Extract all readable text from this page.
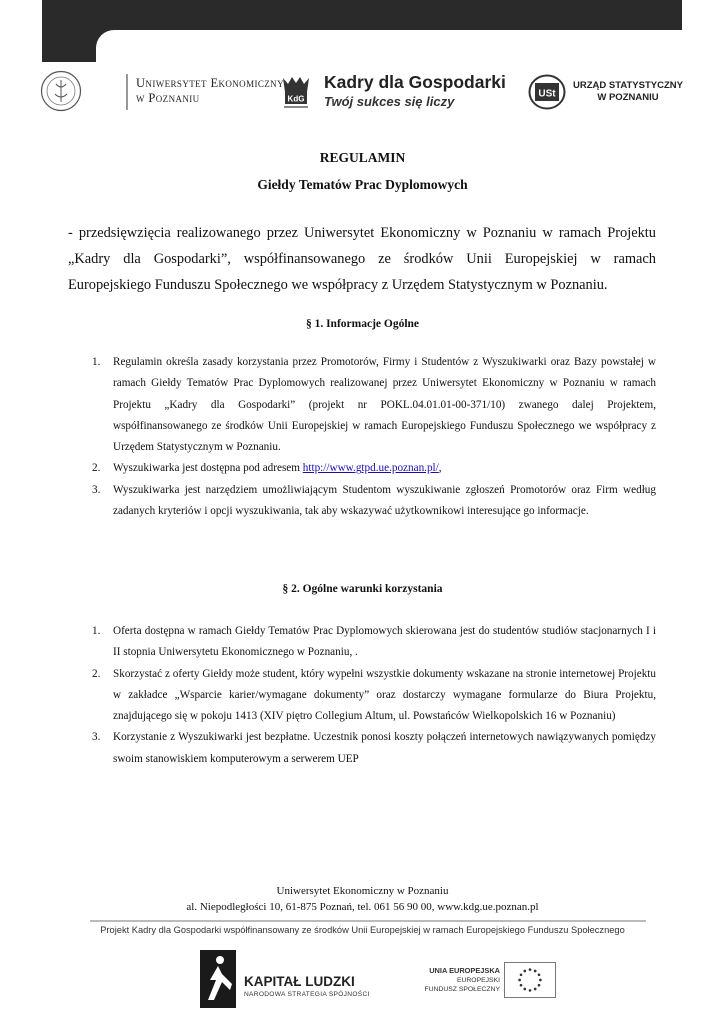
Uniwersytet Ekonomiczny
w Poznaniu	KdG
Kadry dla Gospodarki
Twój sukces się liczy	USt
URZĄD STATYSTYCZNY
W POZNANIU
REGULAMIN
Giełdy Tematów Prac Dyplomowych
- przedsięwzięcia realizowanego przez Uniwersytet Ekonomiczny w Poznaniu w ramach Projektu „Kadry dla Gospodarki”, współfinansowanego ze środków Unii Europejskiej w ramach Europejskiego Funduszu Społecznego we współpracy z Urzędem Statystycznym w Poznaniu.
§ 1. Informacje Ogólne
1. Regulamin określa zasady korzystania przez Promotorów, Firmy i Studentów z Wyszukiwarki oraz Bazy powstałej w ramach Giełdy Tematów Prac Dyplomowych realizowanej przez Uniwersytet Ekonomiczny w Poznaniu w ramach Projektu „Kadry dla Gospodarki” (projekt nr POKL.04.01.01-00-371/10) zwanego dalej Projektem, współfinansowanego ze środków Unii Europejskiej w ramach Europejskiego Funduszu Społecznego we współpracy z Urzędem Statystycznym w Poznaniu.
2. Wyszukiwarka jest dostępna pod adresem http://www.gtpd.ue.poznan.pl/,
3. Wyszukiwarka jest narzędziem umożliwiającym Studentom wyszukiwanie zgłoszeń Promotorów oraz Firm według zadanych kryteriów i opcji wyszukiwania, tak aby wskazywać użytkownikowi interesujące go informacje.
§ 2. Ogólne warunki korzystania
1. Oferta dostępna w ramach Giełdy Tematów Prac Dyplomowych skierowana jest do studentów studiów stacjonarnych I i II stopnia Uniwersytetu Ekonomicznego w Poznaniu, .
2. Skorzystać z oferty Giełdy może student, który wypełni wszystkie dokumenty wskazane na stronie internetowej Projektu w zakładce „Wsparcie karier/wymagane dokumenty” oraz dostarczy wymagane formularze do Biura Projektu, znajdującego się w pokoju 1413 (XIV piętro Collegium Altum, ul. Powstańców Wielkopolskich 16 w Poznaniu)
3. Korzystanie z Wyszukiwarki jest bezpłatne. Uczestnik ponosi koszty połączeń internetowych nawiązywanych pomiędzy swoim stanowiskiem komputerowym a serwerem UEP
Uniwersytet Ekonomiczny w Poznaniu
al. Niepodległości 10, 61-875 Poznań, tel. 061 56 90 00, www.kdg.ue.poznan.pl
Projekt Kadry dla Gospodarki współfinansowany ze środków Unii Europejskiej w ramach Europejskiego Funduszu Społecznego
KAPITAŁ LUDZKI
NARODOWA STRATEGIA SPÓJNOŚCI
UNIA EUROPEJSKA
EUROPEJSKI
FUNDUSZ SPOŁECZNY
